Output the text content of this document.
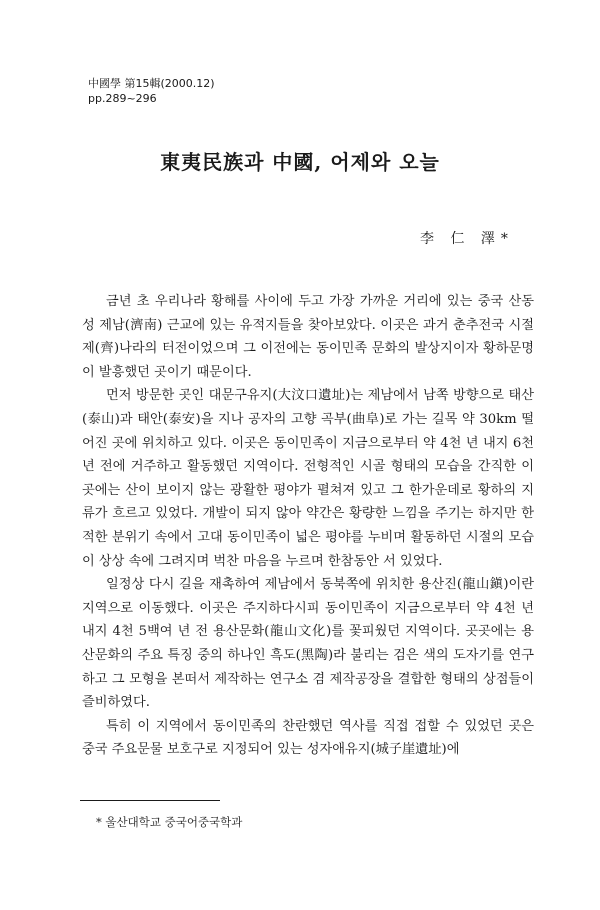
中國學 第15輯(2000.12)
pp.289~296
東夷民族과 中國, 어제와 오늘
李 仁 澤*

금년 초 우리나라 황해를 사이에 두고 가장 가까운 거리에 있는 중국 산동성 제남(濟南) 근교에 있는 유적지들을 찾아보았다. 이곳은 과거 춘추전국 시절 제(齊)나라의 터전이었으며 그 이전에는 동이민족 문화의 발상지이자 황하문명이 발흥했던 곳이기 때문이다.

먼저 방문한 곳인 대문구유지(大汶口遺址)는 제남에서 남쪽 방향으로 태산(泰山)과 태안(泰安)을 지나 공자의 고향 곡부(曲阜)로 가는 길목 약 30km 떨어진 곳에 위치하고 있다. 이곳은 동이민족이 지금으로부터 약 4천 년 내지 6천 년 전에 거주하고 활동했던 지역이다. 전형적인 시골 형태의 모습을 간직한 이곳에는 산이 보이지 않는 광활한 평야가 펼쳐져 있고 그 한가운데로 황하의 지류가 흐르고 있었다. 개발이 되지 않아 약간은 황량한 느낌을 주기는 하지만 한적한 분위기 속에서 고대 동이민족이 넓은 평야를 누비며 활동하던 시절의 모습이 상상 속에 그려지며 벅찬 마음을 누르며 한참동안 서 있었다.

일정상 다시 길을 재촉하여 제남에서 동북쪽에 위치한 용산진(龍山鎭)이란 지역으로 이동했다. 이곳은 주지하다시피 동이민족이 지금으로부터 약 4천 년 내지 4천 5백여 년 전 용산문화(龍山文化)를 꽃피웠던 지역이다. 곳곳에는 용산문화의 주요 특징 중의 하나인 흑도(黑陶)라 불리는 검은 색의 도자기를 연구하고 그 모형을 본떠서 제작하는 연구소 겸 제작공장을 결합한 형태의 상점들이 즐비하였다.

특히 이 지역에서 동이민족의 찬란했던 역사를 직접 접할 수 있었던 곳은 중국 주요문물 보호구로 지정되어 있는 성자애유지(城子崖遺址)에

* 울산대학교 중국어중국학과
